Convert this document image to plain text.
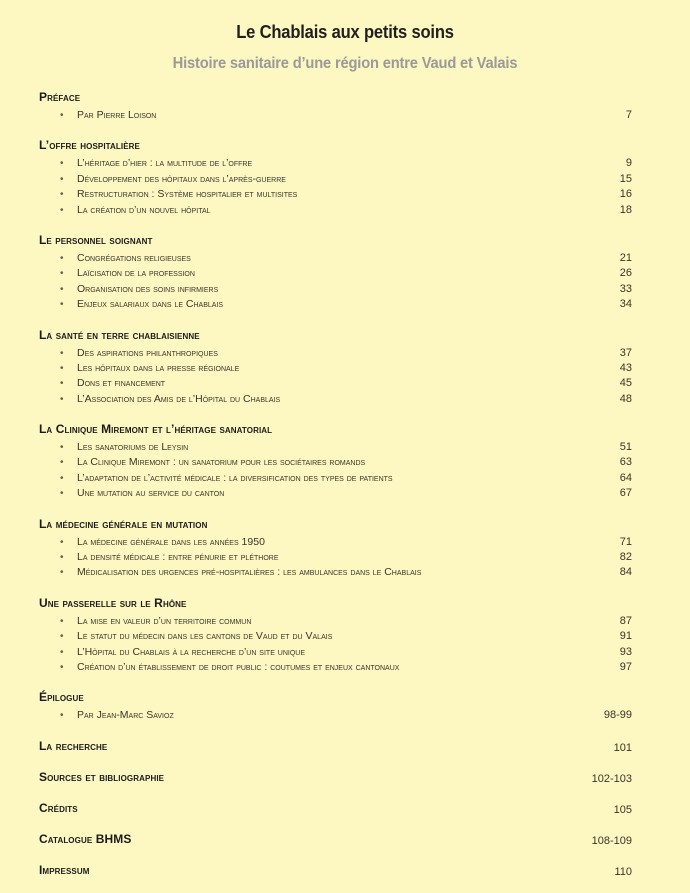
Le Chablais aux petits soins
Histoire sanitaire d’une région entre Vaud et Valais
Préface
• Par Pierre Loison	7
L’offre hospitalière
• L’héritage d’hier : la multitude de l’offre	9
• Développement des hôpitaux dans l’après-guerre	15
• Restructuration : Système hospitalier et multisites	16
• La création d’un nouvel hôpital	18
Le personnel soignant
• Congrégations religieuses	21
• Laïcisation de la profession	26
• Organisation des soins infirmiers	33
• Enjeux salariaux dans le Chablais	34
La santé en terre chablaisienne
• Des aspirations philanthropiques	37
• Les hôpitaux dans la presse régionale	43
• Dons et financement	45
• L’Association des Amis de l’Hôpital du Chablais	48
La Clinique Miremont et l’héritage sanatorial
• Les sanatoriums de Leysin	51
• La Clinique Miremont : un sanatorium pour les sociétaires romands	63
• L’adaptation de l’activité médicale : la diversification des types de patients	64
• Une mutation au service du canton	67
La médecine générale en mutation
• La médecine générale dans les années 1950	71
• La densité médicale : entre pénurie et pléthore	82
• Médicalisation des urgences pré-hospitalières : les ambulances dans le Chablais	84
Une passerelle sur le Rhône
• La mise en valeur d’un territoire commun	87
• Le statut du médecin dans les cantons de Vaud et du Valais	91
• L’Hôpital du Chablais à la recherche d’un site unique	93
• Création d’un établissement de droit public : coutumes et enjeux cantonaux	97
Épilogue
• Par Jean-Marc Savioz	98-99
La recherche	101
Sources et bibliographie	102-103
Crédits	105
Catalogue BHMS	108-109
Impressum	110
